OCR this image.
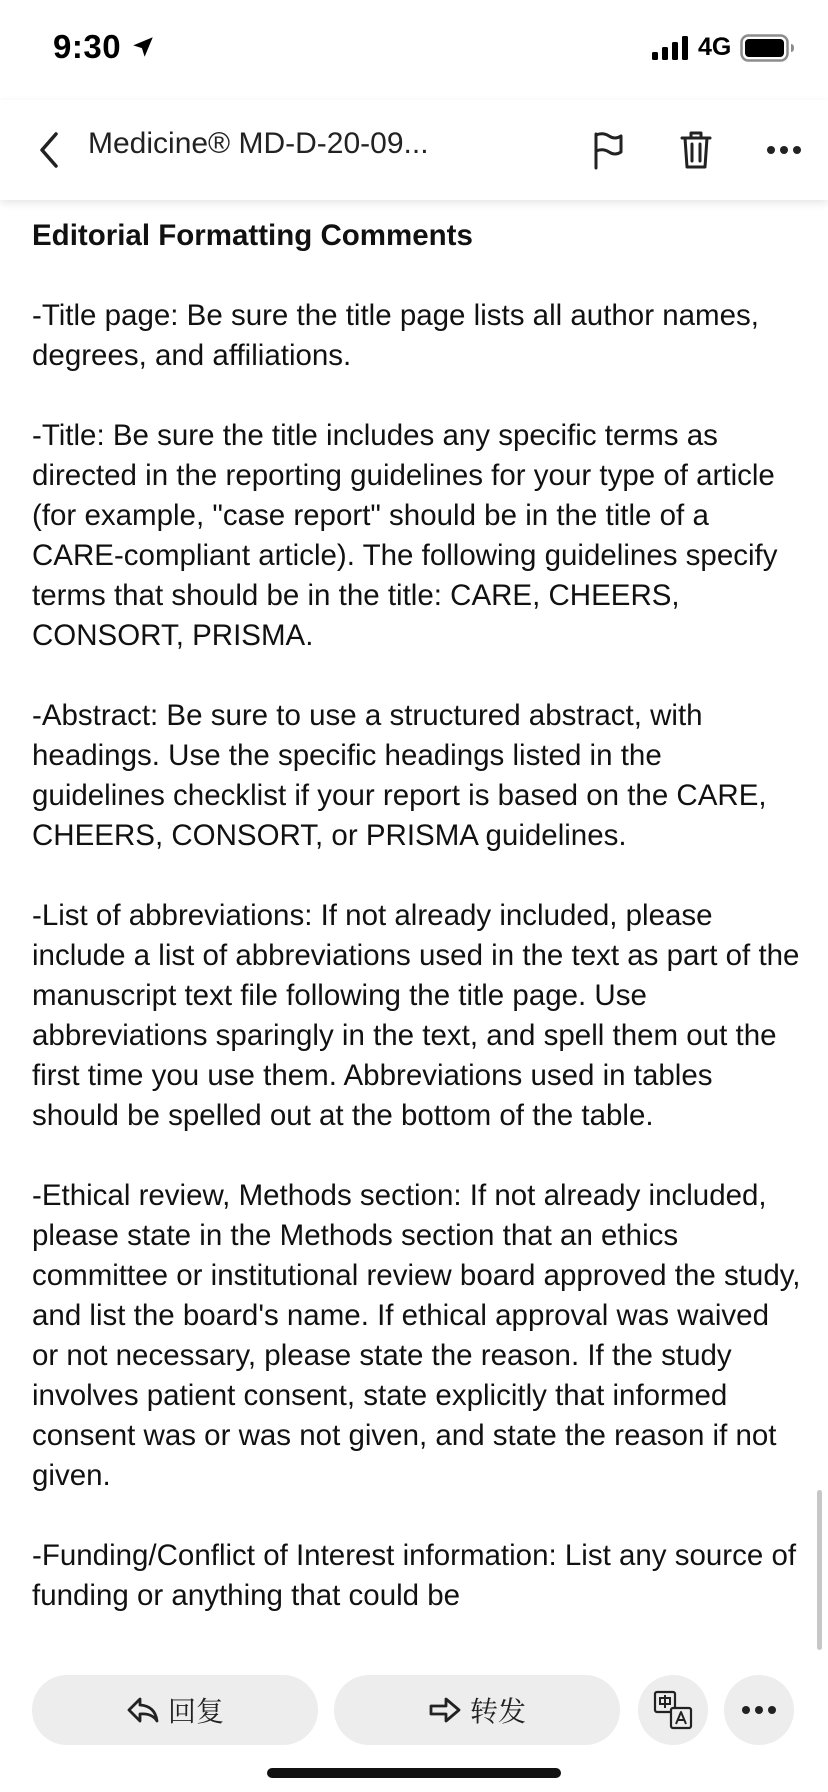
9:30	4G
Medicine® MD-D-20-09...
Editorial Formatting Comments

-Title page: Be sure the title page lists all author names, degrees, and affiliations.

-Title: Be sure the title includes any specific terms as directed in the reporting guidelines for your type of article (for example, "case report" should be in the title of a CARE-compliant article). The following guidelines specify terms that should be in the title: CARE, CHEERS, CONSORT, PRISMA.

-Abstract: Be sure to use a structured abstract, with headings. Use the specific headings listed in the guidelines checklist if your report is based on the CARE, CHEERS, CONSORT, or PRISMA guidelines.

-List of abbreviations: If not already included, please include a list of abbreviations used in the text as part of the manuscript text file following the title page. Use abbreviations sparingly in the text, and spell them out the first time you use them. Abbreviations used in tables should be spelled out at the bottom of the table.

-Ethical review, Methods section: If not already included, please state in the Methods section that an ethics committee or institutional review board approved the study, and list the board's name. If ethical approval was waived or not necessary, please state the reason. If the study involves patient consent, state explicitly that informed consent was or was not given, and state the reason if not given.

-Funding/Conflict of Interest information: List any source of funding or anything that could be

回复	转发
